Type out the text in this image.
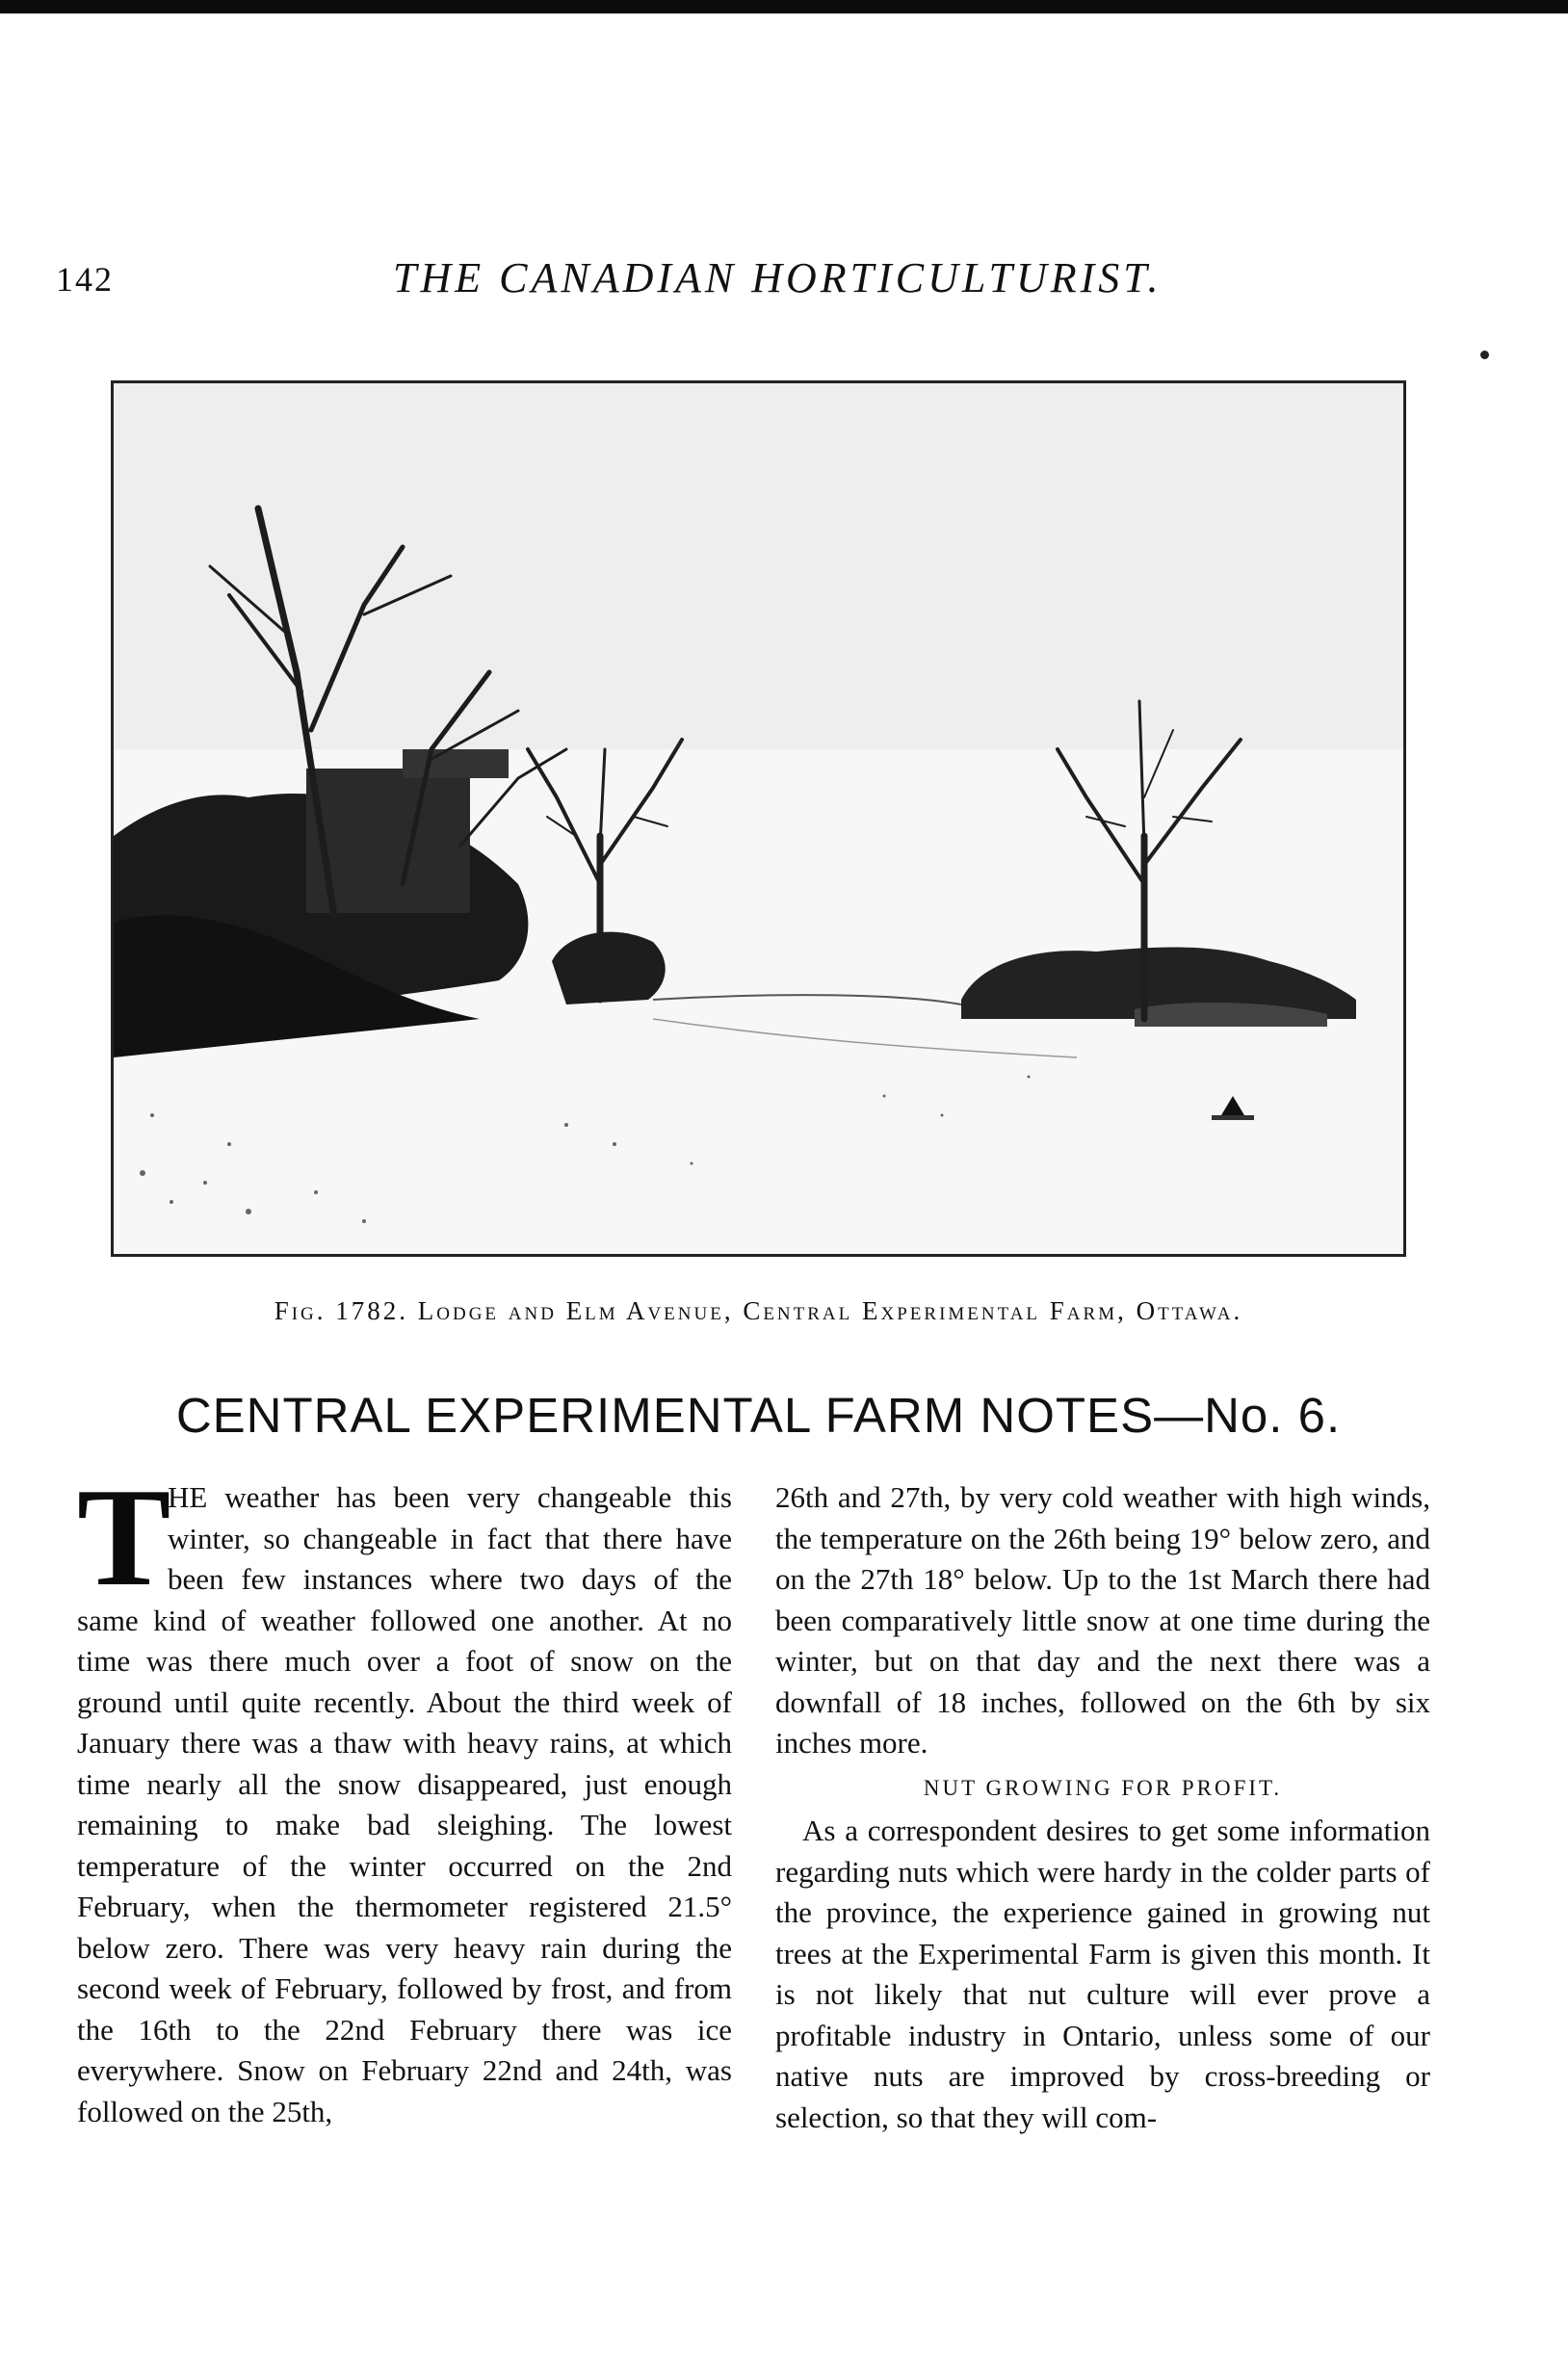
142	THE CANADIAN HORTICULTURIST.
Fig. 1782. Lodge and Elm Avenue, Central Experimental Farm, Ottawa.
CENTRAL EXPERIMENTAL FARM NOTES—No. 6.
T

HE weather has been very changeable this winter, so changeable in fact that there have been few instances where two days of the same kind of weather followed one another. At no time was there much over a foot of snow on the ground until quite recently. About the third week of January there was a thaw with heavy rains, at which time nearly all the snow disappeared, just enough remaining to make bad sleighing. The lowest temperature of the winter occurred on the 2nd February, when the thermometer registered 21.5° below zero. There was very heavy rain during the second week of February, followed by frost, and from the 16th to the 22nd February there was ice everywhere. Snow on February 22nd and 24th, was followed on the 25th,

26th and 27th, by very cold weather with high winds, the temperature on the 26th being 19° below zero, and on the 27th 18° below. Up to the 1st March there had been comparatively little snow at one time during the winter, but on that day and the next there was a downfall of 18 inches, followed on the 6th by six inches more.

NUT GROWING FOR PROFIT.

As a correspondent desires to get some information regarding nuts which were hardy in the colder parts of the province, the experience gained in growing nut trees at the Experimental Farm is given this month. It is not likely that nut culture will ever prove a profitable industry in Ontario, unless some of our native nuts are improved by cross-breeding or selection, so that they will com-
